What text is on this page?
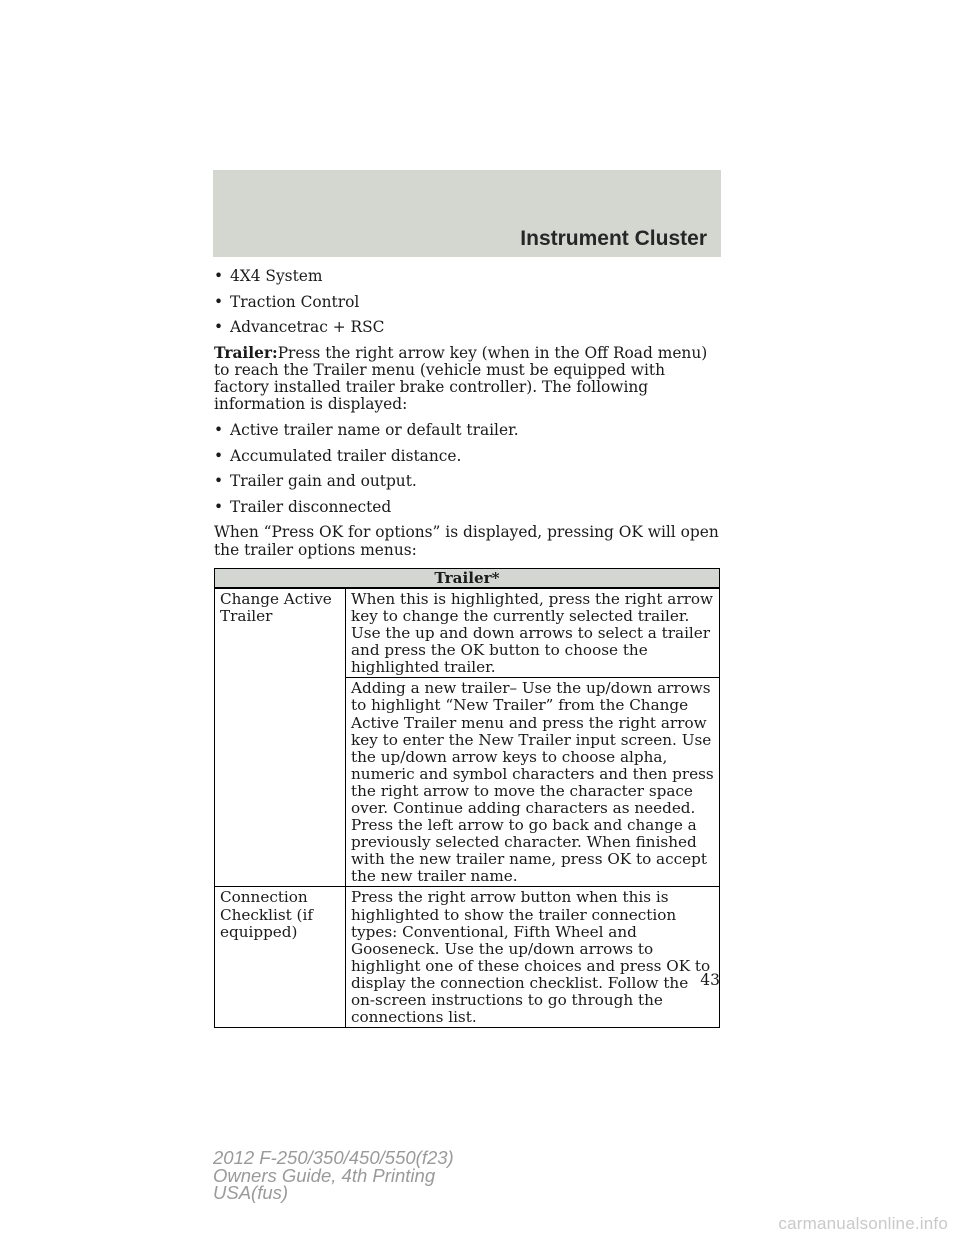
Instrument Cluster
• 4X4 System
• Traction Control
• Advancetrac + RSC

Trailer:Press the right arrow key (when in the Off Road menu) to reach the Trailer menu (vehicle must be equipped with factory installed trailer brake controller). The following information is displayed:

• Active trailer name or default trailer.
• Accumulated trailer distance.
• Trailer gain and output.
• Trailer disconnected

When “Press OK for options” is displayed, pressing OK will open the trailer options menus:

Trailer*	
Change Active Trailer	When this is highlighted, press the right arrow key to change the currently selected trailer. Use the up and down arrows to select a trailer and press the OK button to choose the highlighted trailer.
	Adding a new trailer– Use the up/down arrows to highlight “New Trailer” from the Change Active Trailer menu and press the right arrow key to enter the New Trailer input screen. Use the up/down arrow keys to choose alpha, numeric and symbol characters and then press the right arrow to move the character space over. Continue adding characters as needed. Press the left arrow to go back and change a previously selected character. When finished with the new trailer name, press OK to accept the new trailer name.
Connection Checklist (if equipped)	Press the right arrow button when this is highlighted to show the trailer connection types: Conventional, Fifth Wheel and Gooseneck. Use the up/down arrows to highlight one of these choices and press OK to display the connection checklist. Follow the on-screen instructions to go through the connections list.

43

2012 F-250/350/450/550(f23)
Owners Guide, 4th Printing
USA(fus)
carmanualsonline.info
